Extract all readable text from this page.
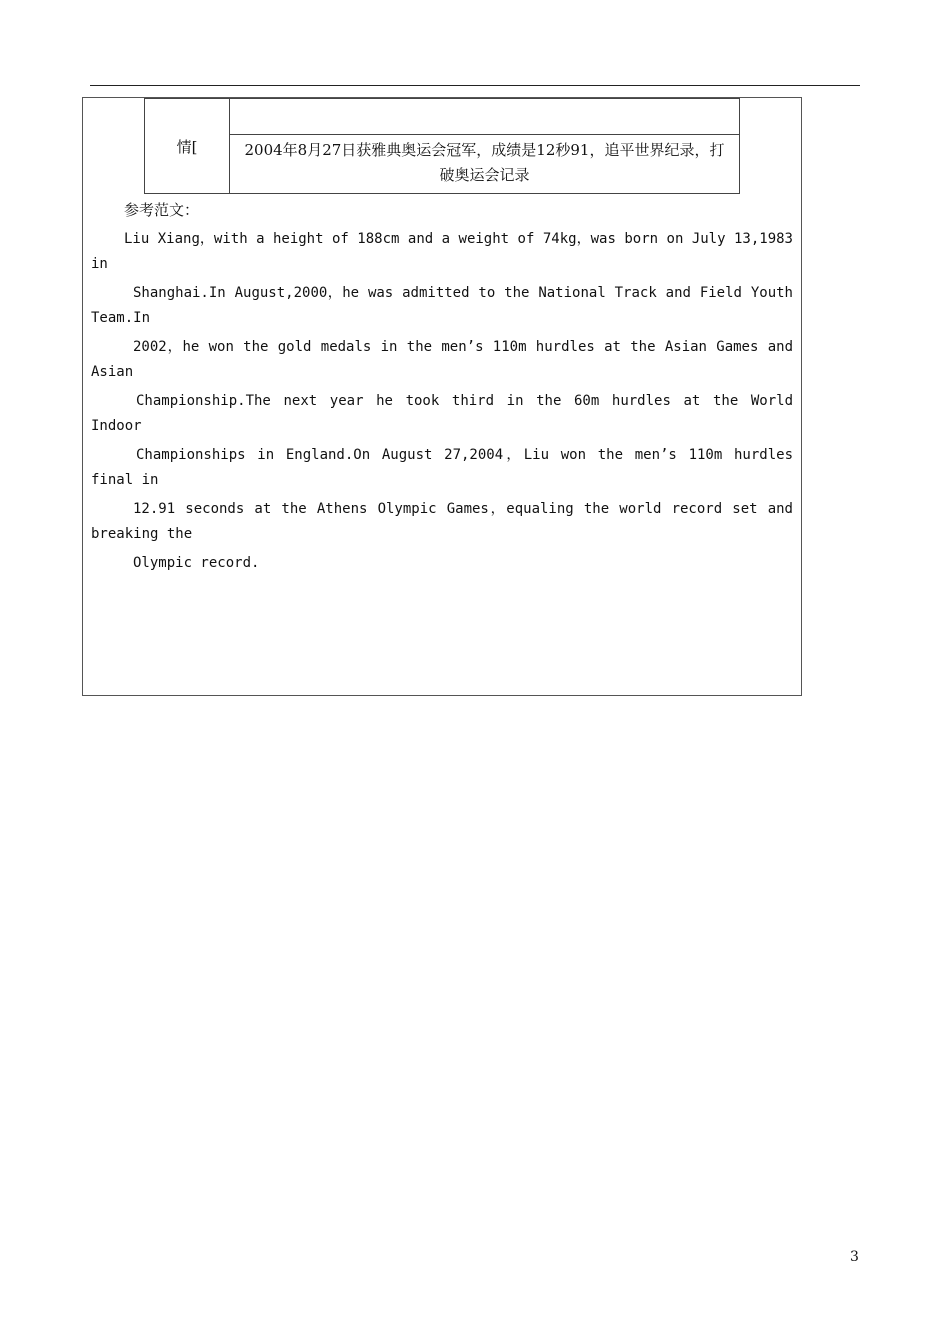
情[	2004年8月27日获雅典奥运会冠军，成绩是12秒91，追平世界纪录，打破奥运会记录
参考范文：
Liu Xiang，with a height of 188cm and a weight of 74kg，was born on July 13,1983
in
Shanghai.In August,2000，he was admitted to the National Track and Field Youth
Team.In
2002，he won the gold medals in the men’s 110m hurdles at the Asian Games and
Asian
Championship.The next year he took third in the 60m hurdles at the World
Indoor
Championships in England.On August 27,2004，Liu won the men’s 110m hurdles
final in
12.91 seconds at the Athens Olympic Games，equaling the world record set and
breaking the
Olympic record.
3
